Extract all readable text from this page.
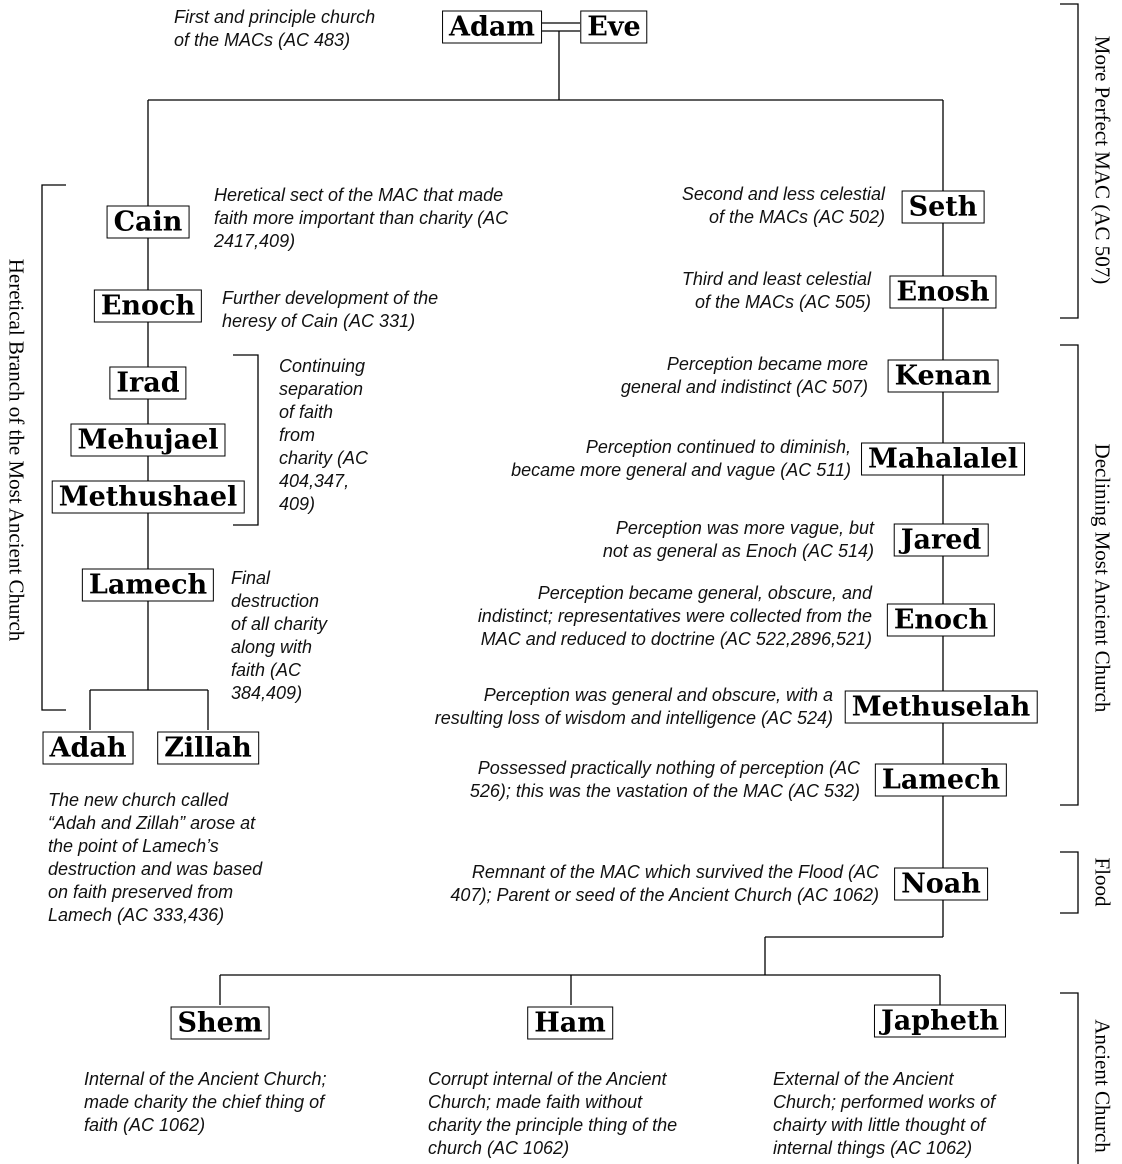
Adam Eve
Cain
Enoch
Irad
Mehujael
Methushael
Lamech
Adah Zillah
Seth
Enosh
Kenan
Mahalalel
Jared
Enoch
Methuselah
Lamech
Noah
Shem	Ham	Japheth
First and principle church
of the MACs (AC 483)
Heretical sect of the MAC that made
faith more important than charity (AC
2417,409)
Further development of the
heresy of Cain (AC 331)
Continuing
separation
of faith
from
charity (AC
404,347,
409)
Final
destruction
of all charity
along with
faith (AC
384,409)
The new church called
“Adah and Zillah” arose at
the point of Lamech’s
destruction and was based
on faith preserved from
Lamech (AC 333,436)
Second and less celestial
of the MACs (AC 502)
Third and least celestial
of the MACs (AC 505)
Perception became more
general and indistinct (AC 507)
Perception continued to diminish,
became more general and vague (AC 511)
Perception was more vague, but
not as general as Enoch (AC 514)
Perception became general, obscure, and
indistinct; representatives were collected from the
MAC and reduced to doctrine (AC 522,2896,521)
Perception was general and obscure, with a
resulting loss of wisdom and intelligence (AC 524)
Possessed practically nothing of perception (AC
526); this was the vastation of the MAC (AC 532)
Remnant of the MAC which survived the Flood (AC
407); Parent or seed of the Ancient Church (AC 1062)
Internal of the Ancient Church;
made charity the chief thing of
faith (AC 1062)
Corrupt internal of the Ancient
Church; made faith without
charity the principle thing of the
church (AC 1062)
External of the Ancient
Church; performed works of
chairty with little thought of
internal things (AC 1062)
Heretical Branch of the Most Ancient Church
More Perfect MAC (AC 507)
Declining Most Ancient Church
Flood
Ancient Church
